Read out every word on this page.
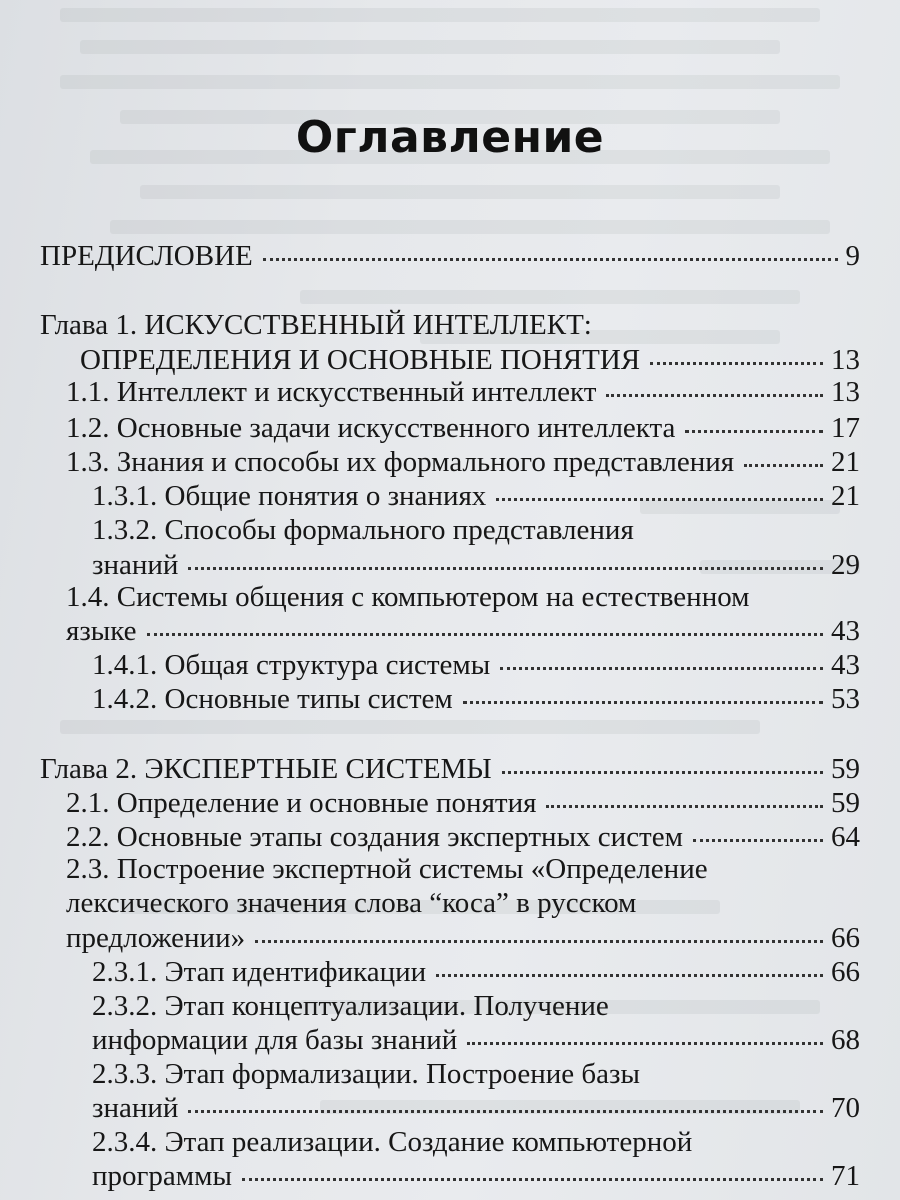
Оглавление
ПРЕДИСЛОВИЕ	9
Глава 1. ИСКУССТВЕННЫЙ ИНТЕЛЛЕКТ:
ОПРЕДЕЛЕНИЯ И ОСНОВНЫЕ ПОНЯТИЯ	13
1.1. Интеллект и искусственный интеллект	13
1.2. Основные задачи искусственного интеллекта	17
1.3. Знания и способы их формального представления	21
1.3.1. Общие понятия о знаниях	21
1.3.2. Способы формального представления
знаний	29
1.4. Системы общения с компьютером на естественном
языке	43
1.4.1. Общая структура системы	43
1.4.2. Основные типы систем	53
Глава 2. ЭКСПЕРТНЫЕ СИСТЕМЫ	59
2.1. Определение и основные понятия	59
2.2. Основные этапы создания экспертных систем	64
2.3. Построение экспертной системы «Определение
лексического значения слова “коса” в русском
предложении»	66
2.3.1. Этап идентификации	66
2.3.2. Этап концептуализации. Получение
информации для базы знаний	68
2.3.3. Этап формализации. Построение базы
знаний	70
2.3.4. Этап реализации. Создание компьютерной
программы	71
